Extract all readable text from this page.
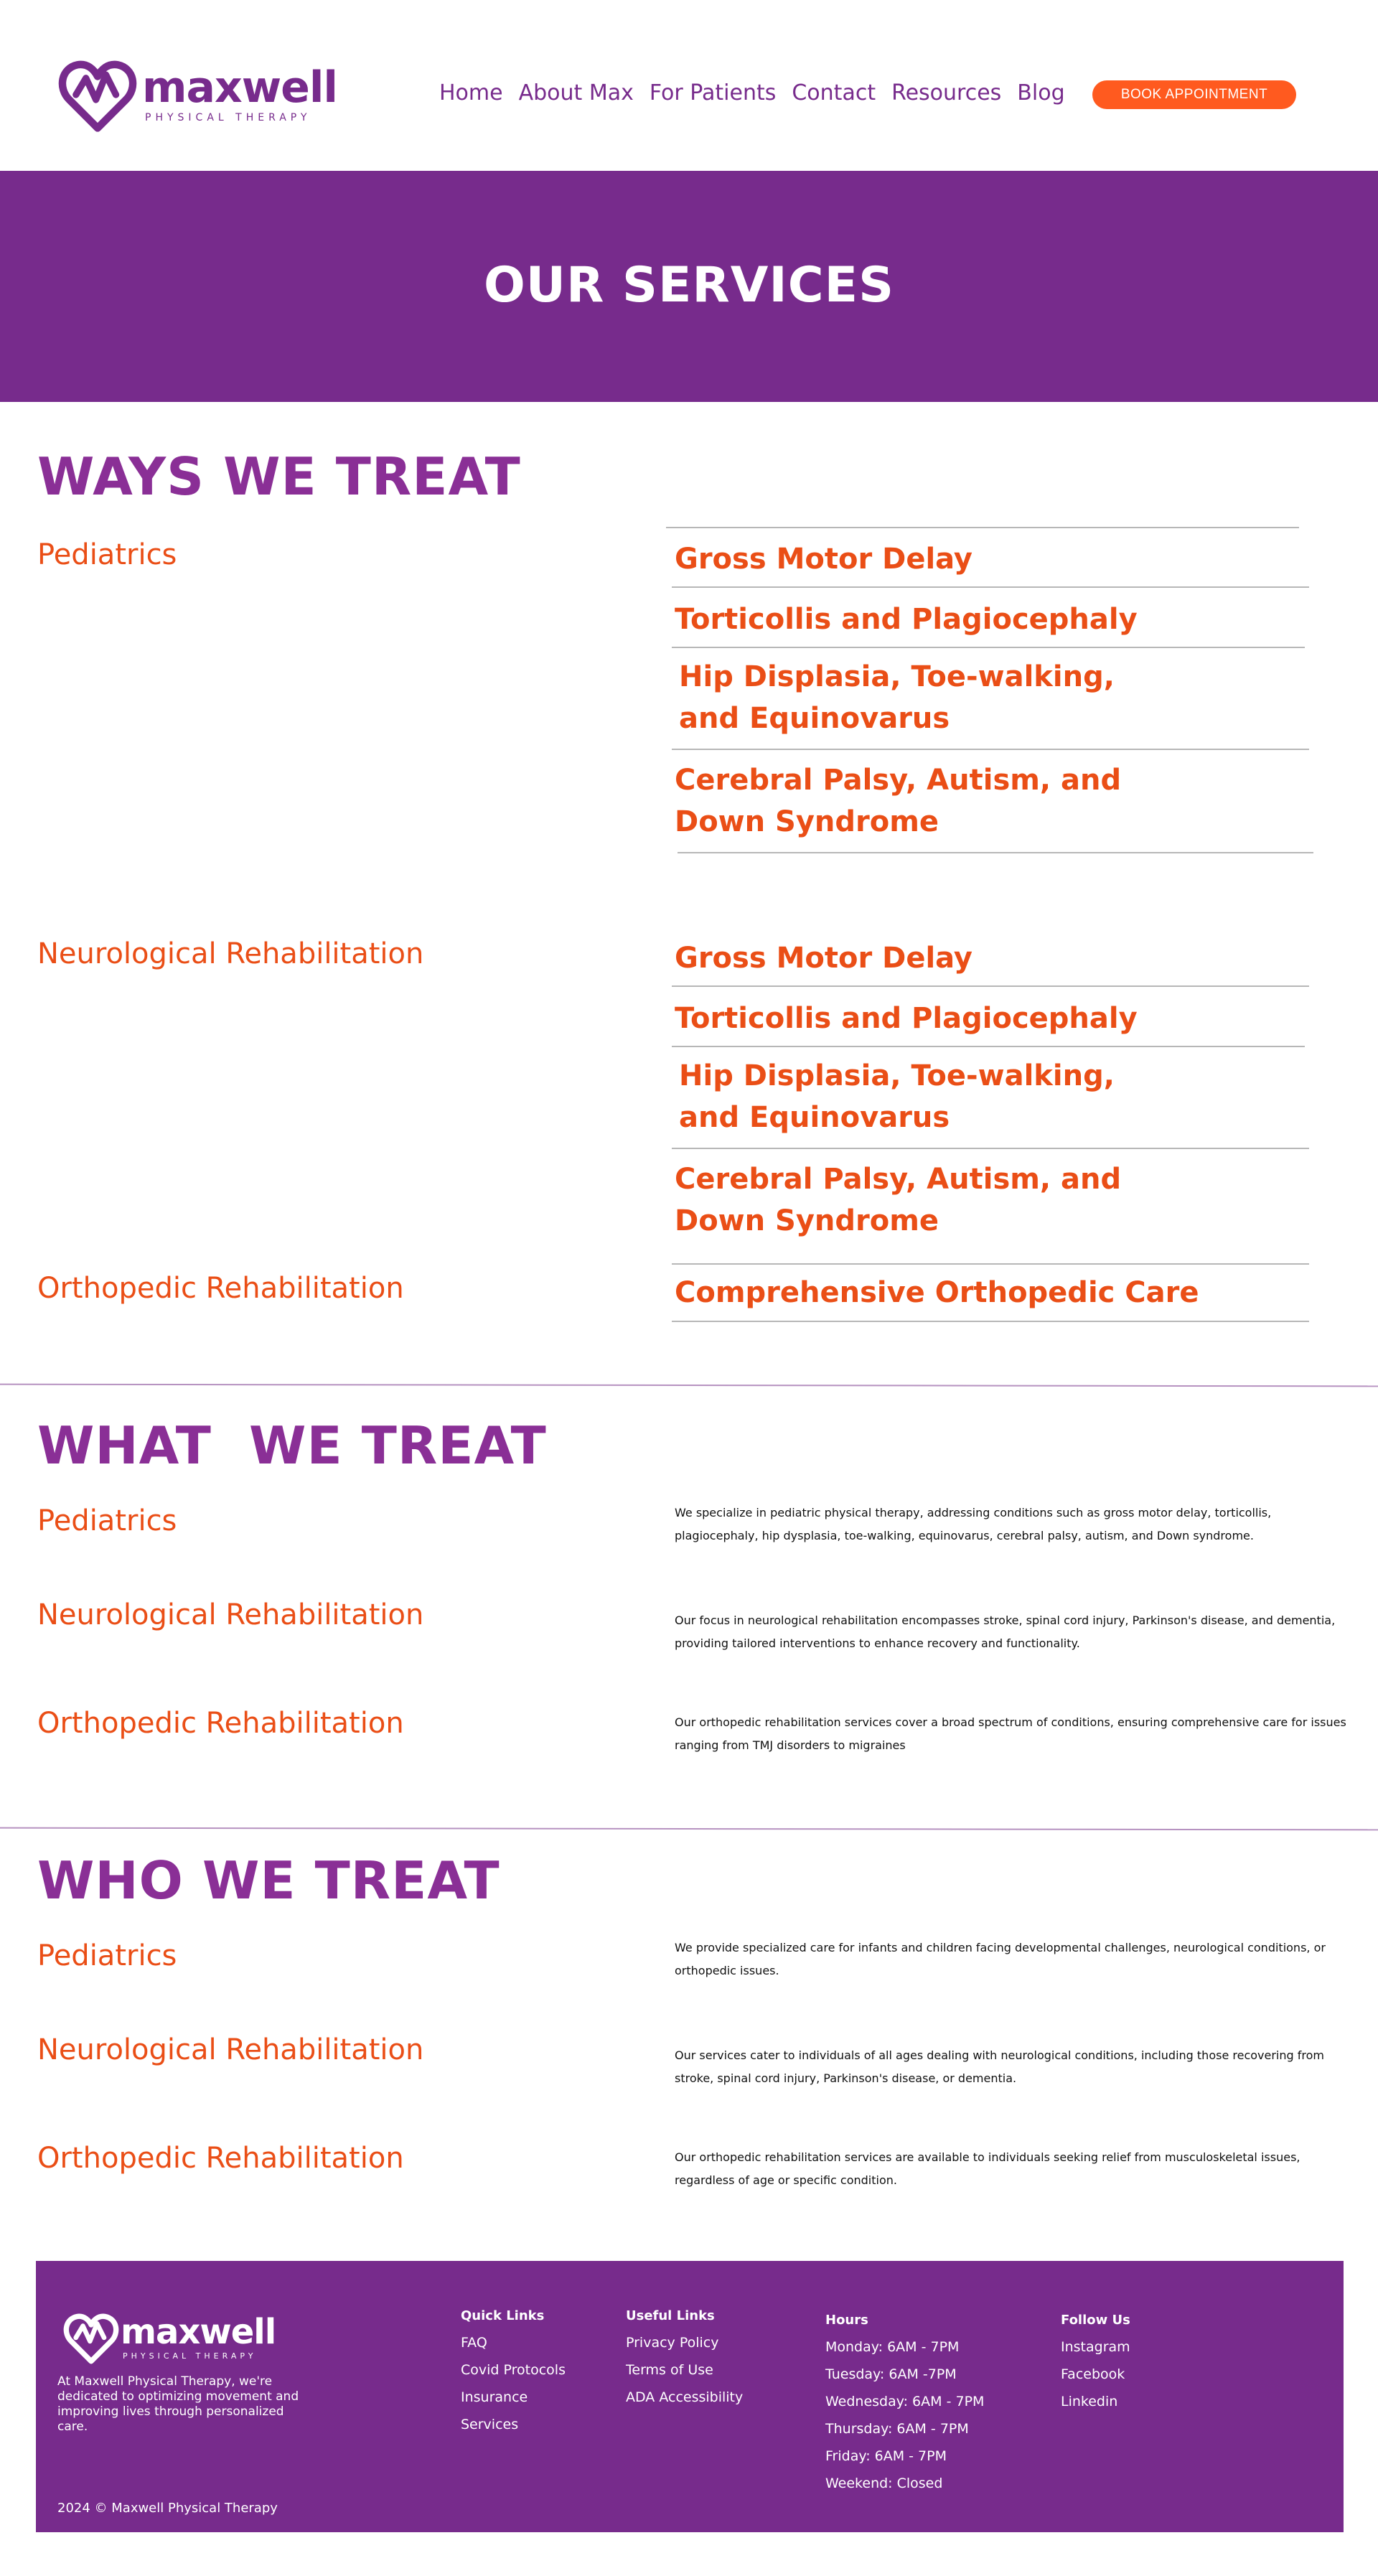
maxwell
PHYSICAL THERAPY
Home About Max For Patients Contact Resources Blog	BOOK APPOINTMENT
OUR SERVICES
WAYS WE TREAT
Pediatrics	Gross Motor Delay
Torticollis and Plagiocephaly
Hip Displasia, Toe-walking, and Equinovarus
Cerebral Palsy, Autism, and Down Syndrome
Neurological Rehabilitation	Gross Motor Delay
Torticollis and Plagiocephaly
Hip Displasia, Toe-walking, and Equinovarus
Cerebral Palsy, Autism, and Down Syndrome
Orthopedic Rehabilitation	Comprehensive Orthopedic Care
WHAT  WE TREAT
Pediatrics	We specialize in pediatric physical therapy, addressing conditions such as gross motor delay, torticollis, plagiocephaly, hip dysplasia, toe-walking, equinovarus, cerebral palsy, autism, and Down syndrome.
Neurological Rehabilitation	Our focus in neurological rehabilitation encompasses stroke, spinal cord injury, Parkinson's disease, and dementia, providing tailored interventions to enhance recovery and functionality.
Orthopedic Rehabilitation	Our orthopedic rehabilitation services cover a broad spectrum of conditions, ensuring comprehensive care for issues ranging from TMJ disorders to migraines
WHO WE TREAT
Pediatrics	We provide specialized care for infants and children facing developmental challenges, neurological conditions, or orthopedic issues.
Neurological Rehabilitation	Our services cater to individuals of all ages dealing with neurological conditions, including those recovering from stroke, spinal cord injury, Parkinson's disease, or dementia.
Orthopedic Rehabilitation	Our orthopedic rehabilitation services are available to individuals seeking relief from musculoskeletal issues, regardless of age or specific condition.
maxwell
PHYSICAL THERAPY
At Maxwell Physical Therapy, we're dedicated to optimizing movement and improving lives through personalized care.
2024 © Maxwell Physical Therapy
Quick Links
FAQ
Covid Protocols
Insurance
Services
Useful Links
Privacy Policy
Terms of Use
ADA Accessibility
Hours
Monday: 6AM - 7PM
Tuesday: 6AM -7PM
Wednesday: 6AM - 7PM
Thursday: 6AM - 7PM
Friday: 6AM - 7PM
Weekend: Closed
Follow Us
Instagram
Facebook
Linkedin
